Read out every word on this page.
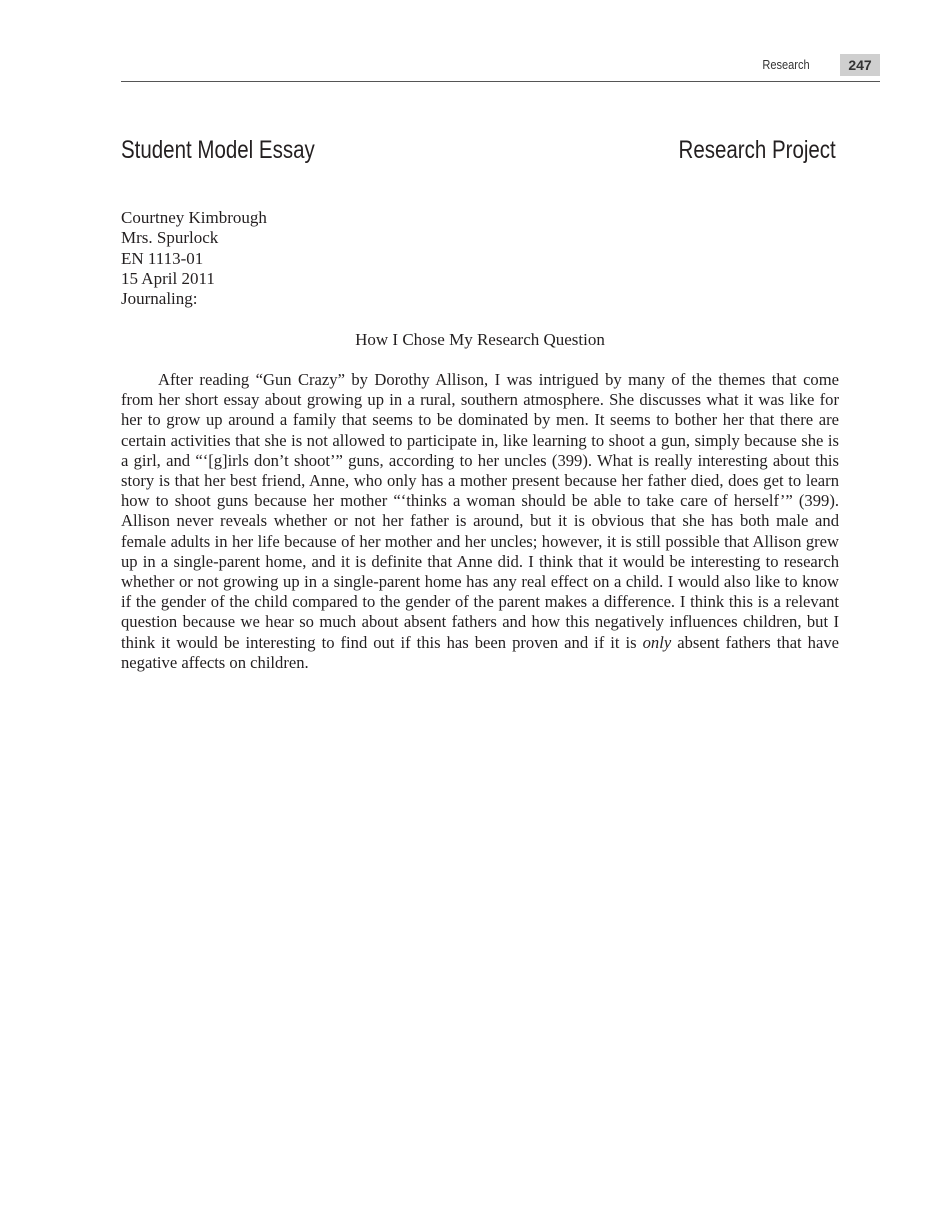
Research	247
Student Model Essay	Research Project
Courtney Kimbrough
Mrs. Spurlock
EN 1113-01
15 April 2011
Journaling:
How I Chose My Research Question

After reading “Gun Crazy” by Dorothy Allison, I was intrigued by many of the themes that come from her short essay about growing up in a rural, southern atmosphere. She discusses what it was like for her to grow up around a family that seems to be dominated by men. It seems to bother her that there are certain activities that she is not allowed to participate in, like learning to shoot a gun, simply because she is a girl, and “‘[g]irls don’t shoot’” guns, according to her uncles (399). What is really interesting about this story is that her best friend, Anne, who only has a mother present because her father died, does get to learn how to shoot guns because her mother “‘thinks a woman should be able to take care of herself’” (399). Allison never reveals whether or not her father is around, but it is obvious that she has both male and female adults in her life because of her mother and her uncles; however, it is still possible that Allison grew up in a single-parent home, and it is definite that Anne did. I think that it would be interesting to research whether or not growing up in a single-parent home has any real effect on a child. I would also like to know if the gender of the child compared to the gender of the parent makes a difference. I think this is a relevant question because we hear so much about absent fathers and how this negatively influences children, but I think it would be interesting to find out if this has been proven and if it is only absent fathers that have negative affects on children.
